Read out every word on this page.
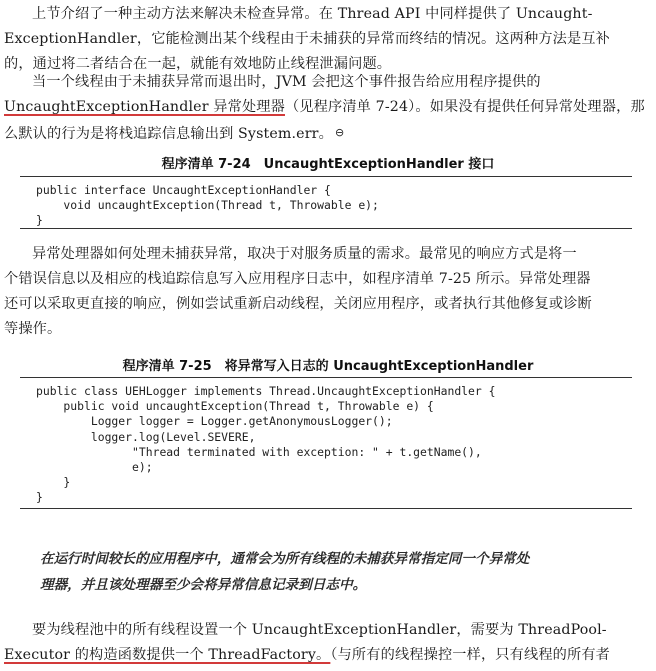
上节介绍了一种主动方法来解决未检查异常。在 Thread API 中同样提供了 Uncaught-
ExceptionHandler，它能检测出某个线程由于未捕获的异常而终结的情况。这两种方法是互补
的，通过将二者结合在一起，就能有效地防止线程泄漏问题。

当一个线程由于未捕获异常而退出时，JVM 会把这个事件报告给应用程序提供的
UncaughtExceptionHandler 异常处理器（见程序清单 7-24）。如果没有提供任何异常处理器，那
么默认的行为是将栈追踪信息输出到 System.err。 ⊖

程序清单 7-24　UncaughtExceptionHandler 接口
public interface UncaughtExceptionHandler {
void uncaughtException(Thread t, Throwable e);
}

异常处理器如何处理未捕获异常，取决于对服务质量的需求。最常见的响应方式是将一
个错误信息以及相应的栈追踪信息写入应用程序日志中，如程序清单 7-25 所示。异常处理器
还可以采取更直接的响应，例如尝试重新启动线程，关闭应用程序，或者执行其他修复或诊断
等操作。

程序清单 7-25　将异常写入日志的 UncaughtExceptionHandler
public class UEHLogger implements Thread.UncaughtExceptionHandler {
public void uncaughtException(Thread t, Throwable e) {
Logger logger = Logger.getAnonymousLogger();
logger.log(Level.SEVERE,
"Thread terminated with exception: " + t.getName(),
e);
}
}
在运行时间较长的应用程序中，通常会为所有线程的未捕获异常指定同一个异常处
理器，并且该处理器至少会将异常信息记录到日志中。

要为线程池中的所有线程设置一个 UncaughtExceptionHandler，需要为 ThreadPool-
Executor 的构造函数提供一个 ThreadFactory。（与所有的线程操控一样，只有线程的所有者
